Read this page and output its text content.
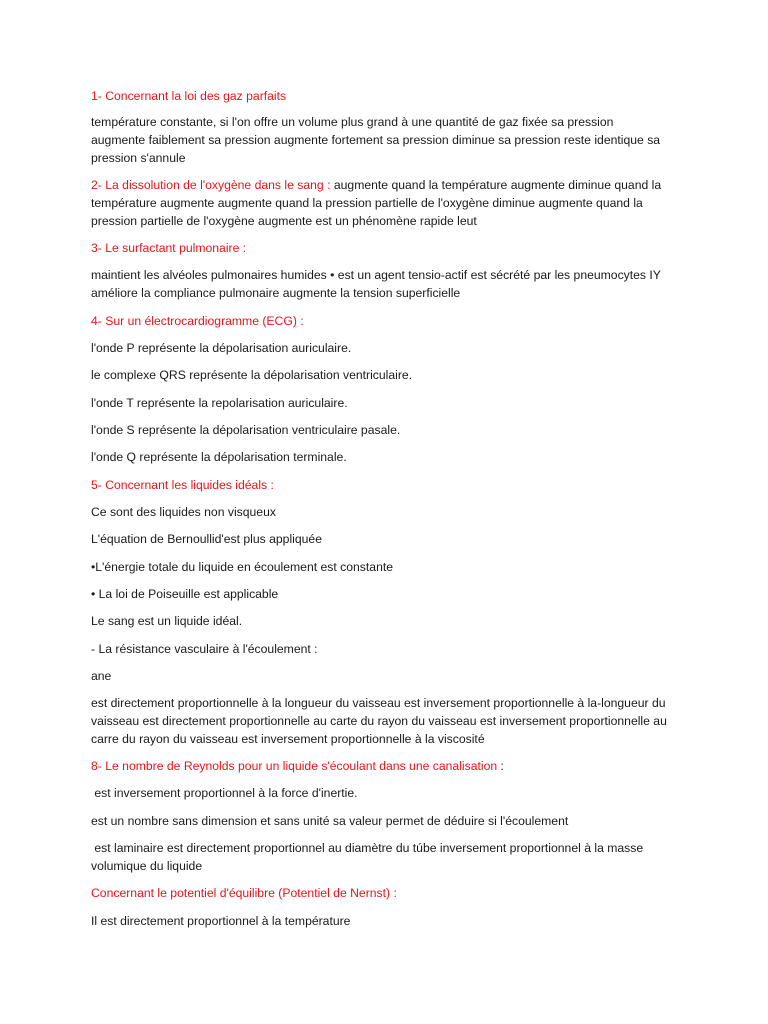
1- Concernant la loi des gaz parfaits

température constante, si l'on offre un volume plus grand à une quantité de gaz fixée sa pression augmente faiblement sa pression augmente fortement sa pression diminue sa pression reste identique sa pression s'annule

2- La dissolution de l'oxygène dans le sang : augmente quand la température augmente diminue quand la température augmente augmente quand la pression partielle de l'oxygène diminue augmente quand la pression partielle de l'oxygène augmente est un phénomène rapide leut

3- Le surfactant pulmonaire :

maintient les alvéoles pulmonaires humides • est un agent tensio-actif est sécrété par les pneumocytes IY améliore la compliance pulmonaire augmente la tension superficielle

4- Sur un électrocardiogramme (ECG) :

l'onde P représente la dépolarisation auriculaire.

le complexe QRS représente la dépolarisation ventriculaire.

l'onde T représente la repolarisation auriculaire.

l'onde S représente la dépolarisation ventriculaire pasale.

l'onde Q représente la dépolarisation terminale.

5- Concernant les liquides idéals :

Ce sont des liquides non visqueux

L'équation de Bernoullid'est plus appliquée

•L'énergie totale du liquide en écoulement est constante

• La loi de Poiseuille est applicable

Le sang est un liquide idéal.

- La résistance vasculaire à l'écoulement :

ane

est directement proportionnelle à la longueur du vaisseau est inversement proportionnelle à la-longueur du vaisseau est directement proportionnelle au carte du rayon du vaisseau est inversement proportionnelle au carre du rayon du vaisseau est inversement proportionnelle à la viscosité

8- Le nombre de Reynolds pour un liquide s'écoulant dans une canalisation :

est inversement proportionnel à la force d'inertie.

est un nombre sans dimension et sans unité sa valeur permet de déduire si l'écoulement

est laminaire est directement proportionnel au diamètre du túbe inversement proportionnel à la masse volumique du liquide

Concernant le potentiel d'équilibre (Potentiel de Nernst) :

Il est directement proportionnel à la température
